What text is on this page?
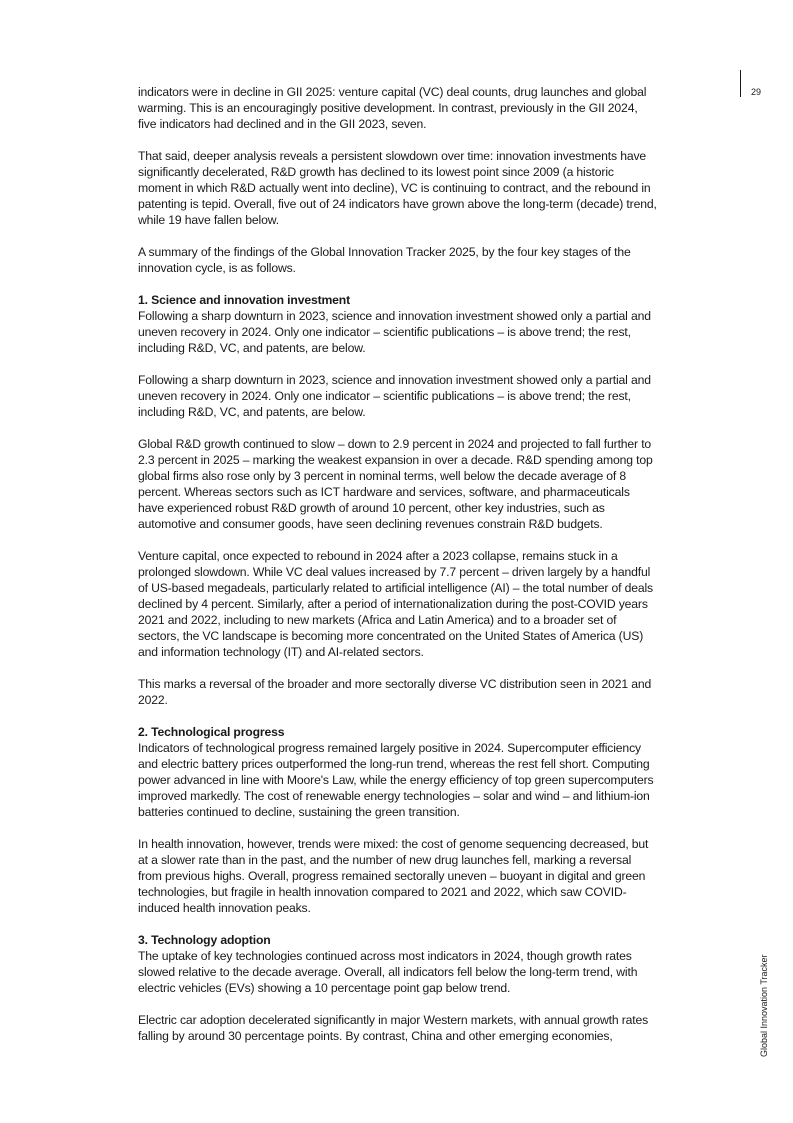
29
Global Innovation Tracker

indicators were in decline in GII 2025: venture capital (VC) deal counts, drug launches and global warming. This is an encouragingly positive development. In contrast, previously in the GII 2024, five indicators had declined and in the GII 2023, seven.

That said, deeper analysis reveals a persistent slowdown over time: innovation investments have significantly decelerated, R&D growth has declined to its lowest point since 2009 (a historic moment in which R&D actually went into decline), VC is continuing to contract, and the rebound in patenting is tepid. Overall, five out of 24 indicators have grown above the long-term (decade) trend, while 19 have fallen below.

A summary of the findings of the Global Innovation Tracker 2025, by the four key stages of the innovation cycle, is as follows.

1. Science and innovation investment

Following a sharp downturn in 2023, science and innovation investment showed only a partial and uneven recovery in 2024. Only one indicator – scientific publications – is above trend; the rest, including R&D, VC, and patents, are below.

Following a sharp downturn in 2023, science and innovation investment showed only a partial and uneven recovery in 2024. Only one indicator – scientific publications – is above trend; the rest, including R&D, VC, and patents, are below.

Global R&D growth continued to slow – down to 2.9 percent in 2024 and projected to fall further to 2.3 percent in 2025 – marking the weakest expansion in over a decade. R&D spending among top global firms also rose only by 3 percent in nominal terms, well below the decade average of 8 percent. Whereas sectors such as ICT hardware and services, software, and pharmaceuticals have experienced robust R&D growth of around 10 percent, other key industries, such as automotive and consumer goods, have seen declining revenues constrain R&D budgets.

Venture capital, once expected to rebound in 2024 after a 2023 collapse, remains stuck in a prolonged slowdown. While VC deal values increased by 7.7 percent – driven largely by a handful of US-based megadeals, particularly related to artificial intelligence (AI) – the total number of deals declined by 4 percent. Similarly, after a period of internationalization during the post-COVID years 2021 and 2022, including to new markets (Africa and Latin America) and to a broader set of sectors, the VC landscape is becoming more concentrated on the United States of America (US) and information technology (IT) and AI-related sectors.

This marks a reversal of the broader and more sectorally diverse VC distribution seen in 2021 and 2022.

2. Technological progress

Indicators of technological progress remained largely positive in 2024. Supercomputer efficiency and electric battery prices outperformed the long-run trend, whereas the rest fell short. Computing power advanced in line with Moore's Law, while the energy efficiency of top green supercomputers improved markedly. The cost of renewable energy technologies – solar and wind – and lithium-ion batteries continued to decline, sustaining the green transition.

In health innovation, however, trends were mixed: the cost of genome sequencing decreased, but at a slower rate than in the past, and the number of new drug launches fell, marking a reversal from previous highs. Overall, progress remained sectorally uneven – buoyant in digital and green technologies, but fragile in health innovation compared to 2021 and 2022, which saw COVID-induced health innovation peaks.

3. Technology adoption

The uptake of key technologies continued across most indicators in 2024, though growth rates slowed relative to the decade average. Overall, all indicators fell below the long-term trend, with electric vehicles (EVs) showing a 10 percentage point gap below trend.

Electric car adoption decelerated significantly in major Western markets, with annual growth rates falling by around 30 percentage points. By contrast, China and other emerging economies,
